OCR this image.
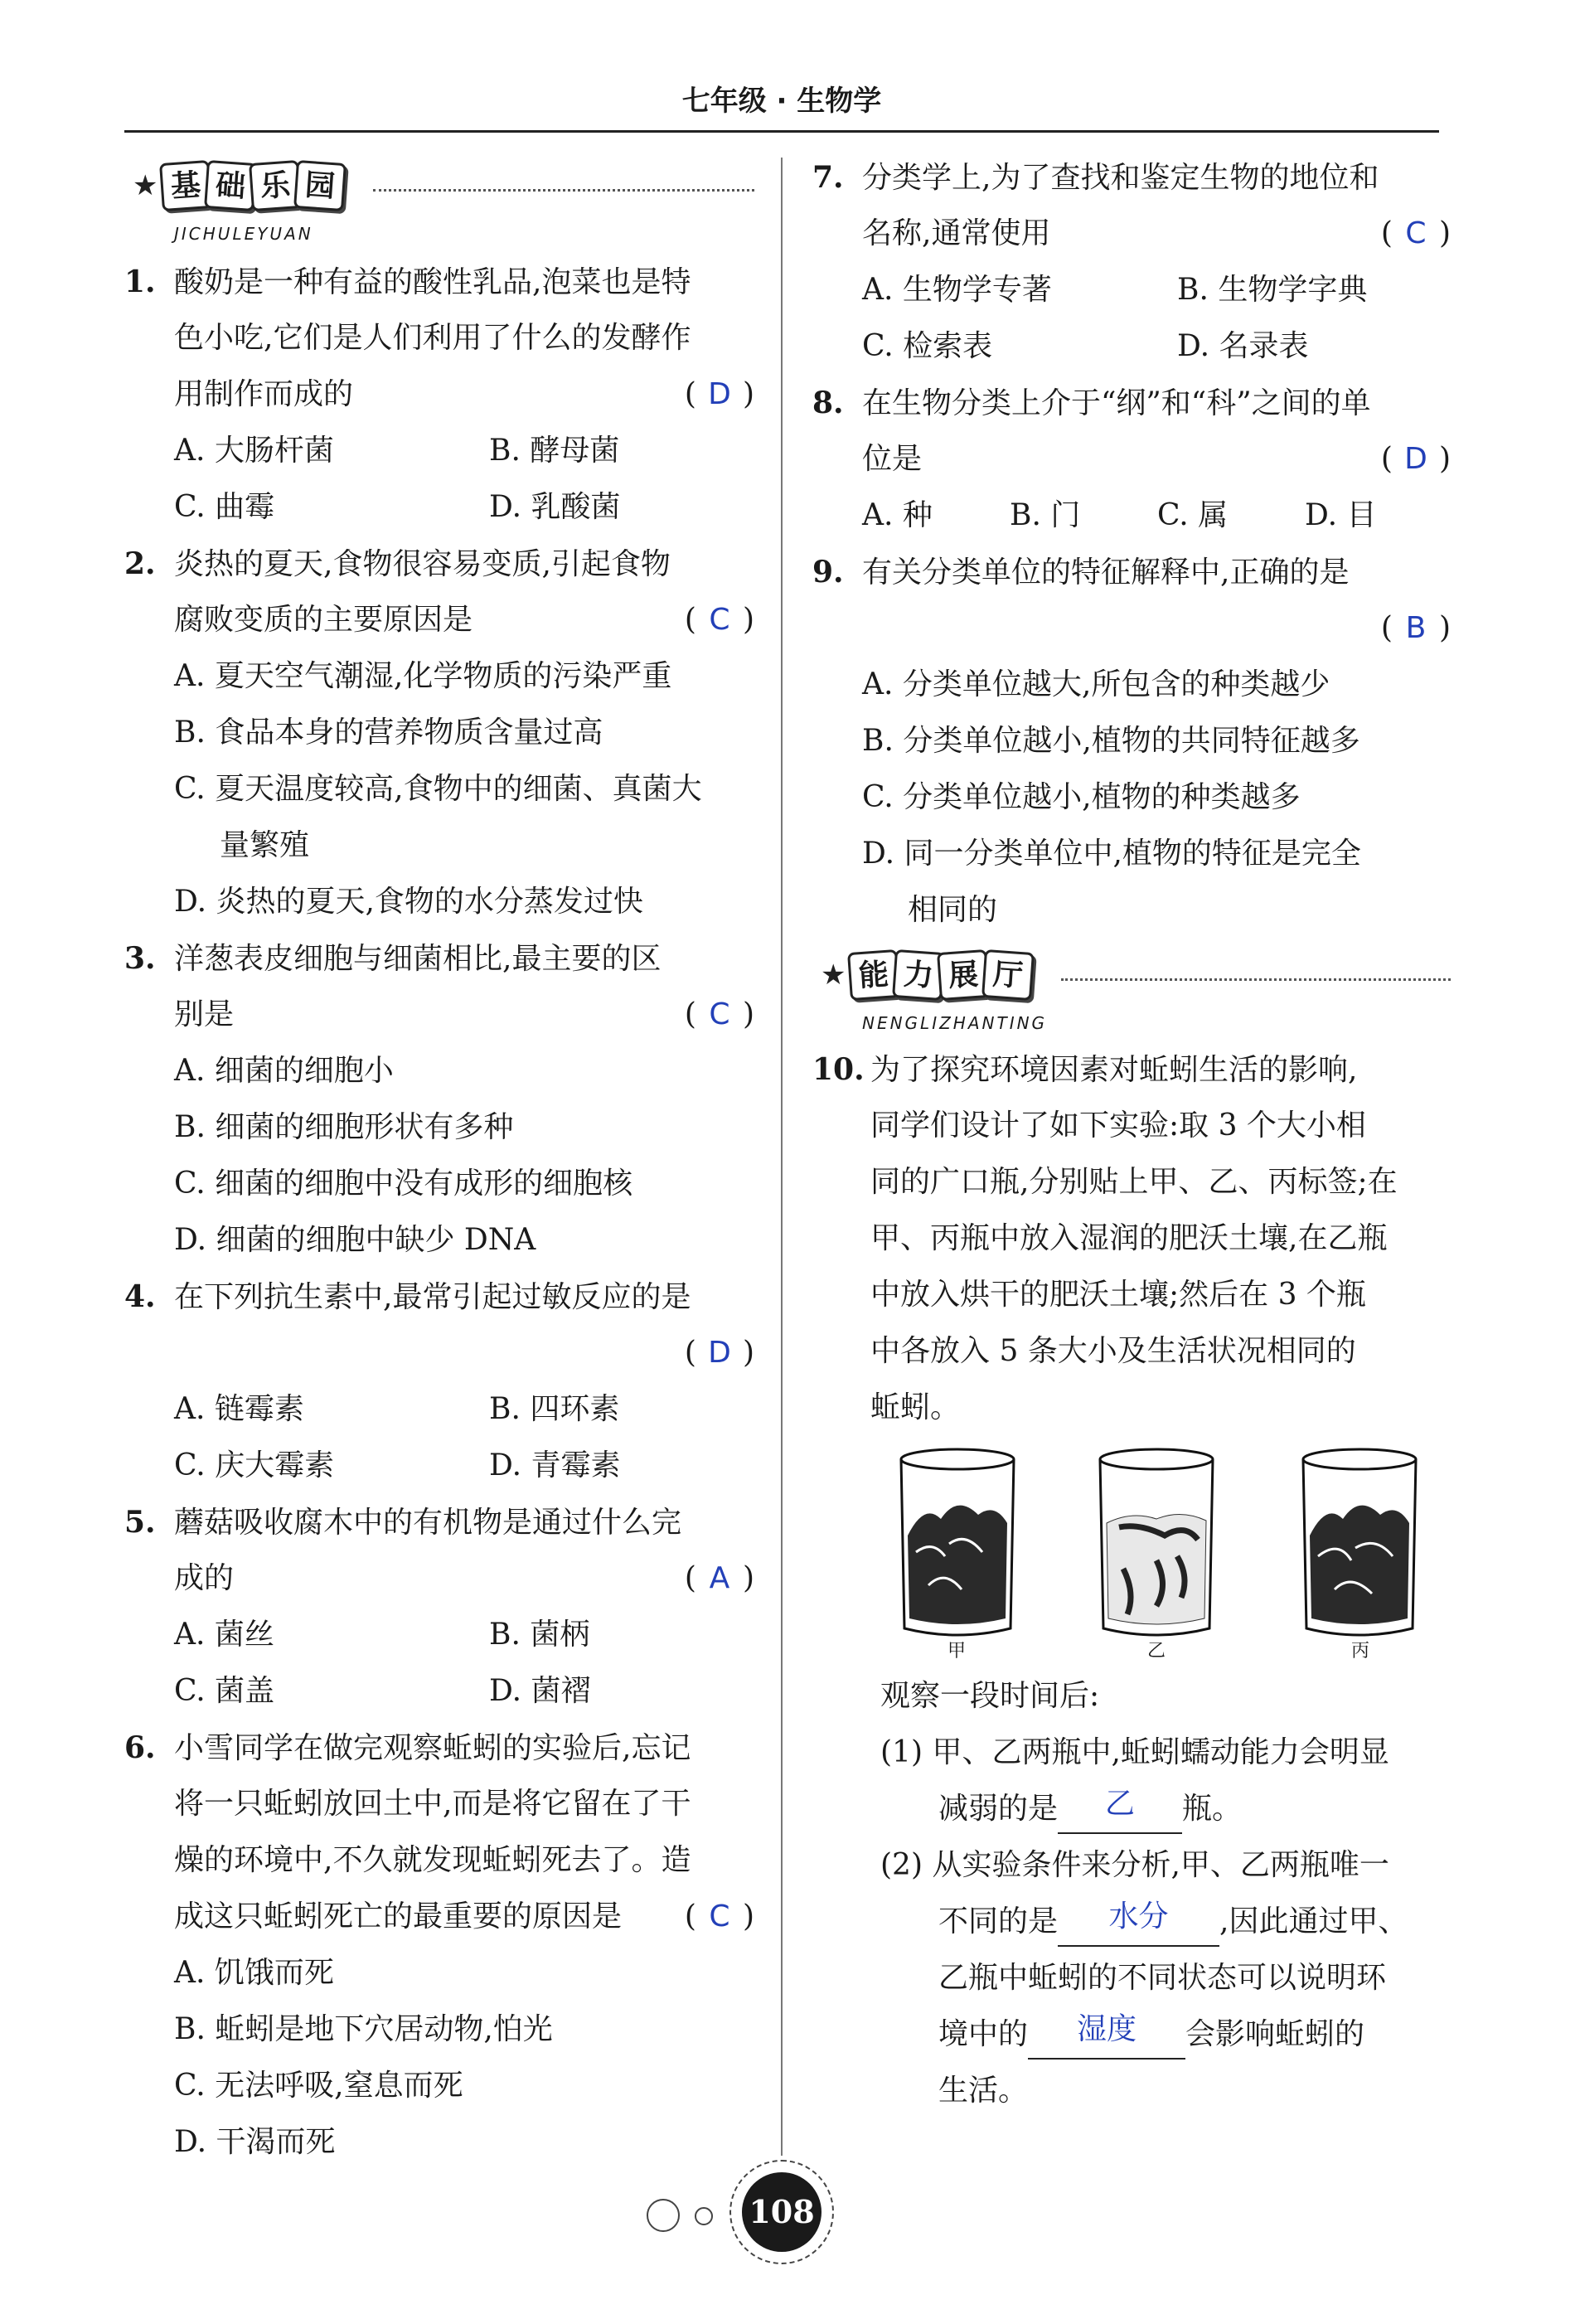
七年级 · 生物学
★ 基 础 乐 园
JICHULEYUAN
1. 酸奶是一种有益的酸性乳品,泡菜也是特
色小吃,它们是人们利用了什么的发酵作
用制作而成的	( D )
A. 大肠杆菌	B. 酵母菌
C. 曲霉	D. 乳酸菌
2. 炎热的夏天,食物很容易变质,引起食物
腐败变质的主要原因是	( C )
A. 夏天空气潮湿,化学物质的污染严重
B. 食品本身的营养物质含量过高
C. 夏天温度较高,食物中的细菌、真菌大
量繁殖
D. 炎热的夏天,食物的水分蒸发过快
3. 洋葱表皮细胞与细菌相比,最主要的区
别是	( C )
A. 细菌的细胞小
B. 细菌的细胞形状有多种
C. 细菌的细胞中没有成形的细胞核
D. 细菌的细胞中缺少 DNA
4. 在下列抗生素中,最常引起过敏反应的是
( D )
A. 链霉素	B. 四环素
C. 庆大霉素	D. 青霉素
5. 蘑菇吸收腐木中的有机物是通过什么完
成的	( A )
A. 菌丝	B. 菌柄
C. 菌盖	D. 菌褶
6. 小雪同学在做完观察蚯蚓的实验后,忘记
将一只蚯蚓放回土中,而是将它留在了干
燥的环境中,不久就发现蚯蚓死去了。造
成这只蚯蚓死亡的最重要的原因是 ( C )
A. 饥饿而死
B. 蚯蚓是地下穴居动物,怕光
C. 无法呼吸,窒息而死
D. 干渴而死
7. 分类学上,为了查找和鉴定生物的地位和
名称,通常使用	( C )
A. 生物学专著	B. 生物学字典
C. 检索表	D. 名录表
8. 在生物分类上介于“纲”和“科”之间的单
位是	( D )
A. 种	B. 门	C. 属	D. 目
9. 有关分类单位的特征解释中,正确的是
( B )
A. 分类单位越大,所包含的种类越少
B. 分类单位越小,植物的共同特征越多
C. 分类单位越小,植物的种类越多
D. 同一分类单位中,植物的特征是完全
相同的
★ 能 力 展 厅
NENGLIZHANTING
10. 为了探究环境因素对蚯蚓生活的影响,
同学们设计了如下实验:取 3 个大小相
同的广口瓶,分别贴上甲、乙、丙标签;在
甲、丙瓶中放入湿润的肥沃土壤,在乙瓶
中放入烘干的肥沃土壤;然后在 3 个瓶
中各放入 5 条大小及生活状况相同的
蚯蚓。
甲	乙	丙
观察一段时间后:
(1) 甲、乙两瓶中,蚯蚓蠕动能力会明显
减弱的是 乙 瓶。
(2) 从实验条件来分析,甲、乙两瓶唯一
不同的是 水分 ,因此通过甲、
乙瓶中蚯蚓的不同状态可以说明环
境中的 湿度 会影响蚯蚓的
生活。
108
